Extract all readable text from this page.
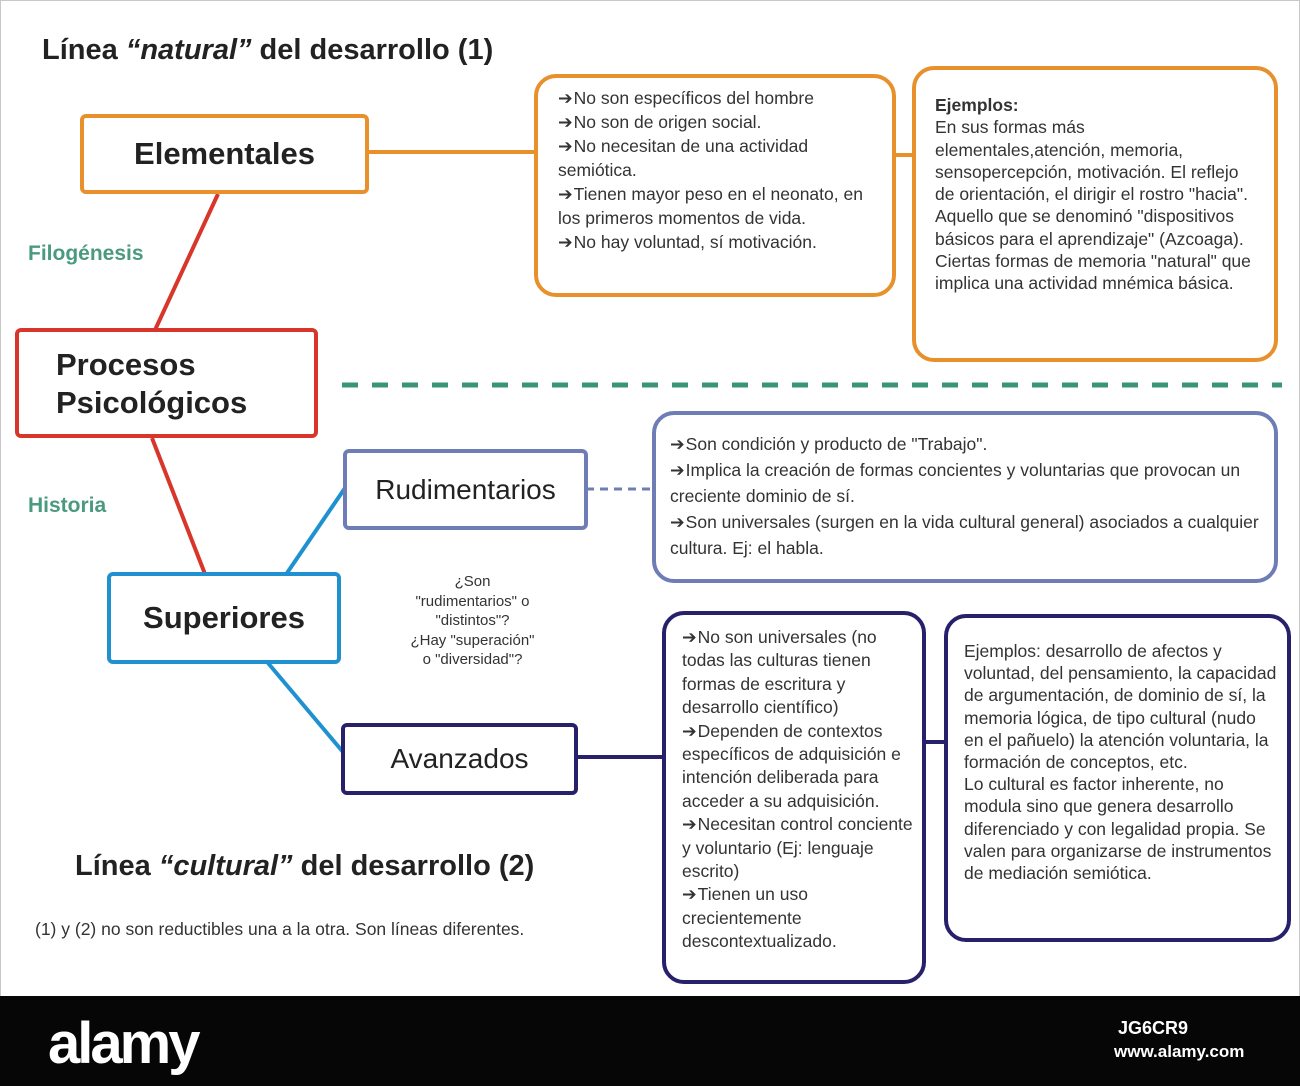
Línea “natural” del desarrollo (1)
Línea “cultural” del desarrollo (2)
Elementales
Procesos
Psicológicos
Superiores
Rudimentarios
Avanzados
Filogénesis
Historia
¿Son
"rudimentarios" o
"distintos"?
¿Hay "superación"
o "diversidad"?

➔No son específicos del hombre

➔No son de origen social.

➔No necesitan de una actividad semiótica.

➔Tienen mayor peso en el neonato, en los primeros momentos de vida.

➔No hay voluntad, sí motivación.

Ejemplos:
En sus formas más elementales,atención, memoria, sensopercepción, motivación. El reflejo de orientación, el dirigir el rostro "hacia". Aquello que se denominó "dispositivos básicos para el aprendizaje" (Azcoaga). Ciertas formas de memoria "natural" que implica una actividad mnémica básica.

➔Son condición y producto de "Trabajo".

➔Implica la creación de formas concientes y voluntarias que provocan un creciente dominio de sí.

➔Son universales (surgen en la vida cultural general) asociados a cualquier cultura. Ej: el habla.

➔No son universales (no todas las culturas tienen formas de escritura y desarrollo científico)

➔Dependen de contextos específicos de adquisición e intención deliberada para acceder a su adquisición.

➔Necesitan control conciente y voluntario (Ej: lenguaje escrito)

➔Tienen un uso crecientemente descontextualizado.

Ejemplos: desarrollo de afectos y voluntad, del pensamiento, la capacidad de argumentación, de dominio de sí, la memoria lógica, de tipo cultural (nudo en el pañuelo) la atención voluntaria, la formación de conceptos, etc.
Lo cultural es factor inherente, no modula sino que genera desarrollo diferenciado y con legalidad propia. Se valen para organizarse de instrumentos de mediación semiótica.
(1) y (2) no son reductibles una a la otra. Son líneas diferentes.
alamy	JG6CR9
www.alamy.com
